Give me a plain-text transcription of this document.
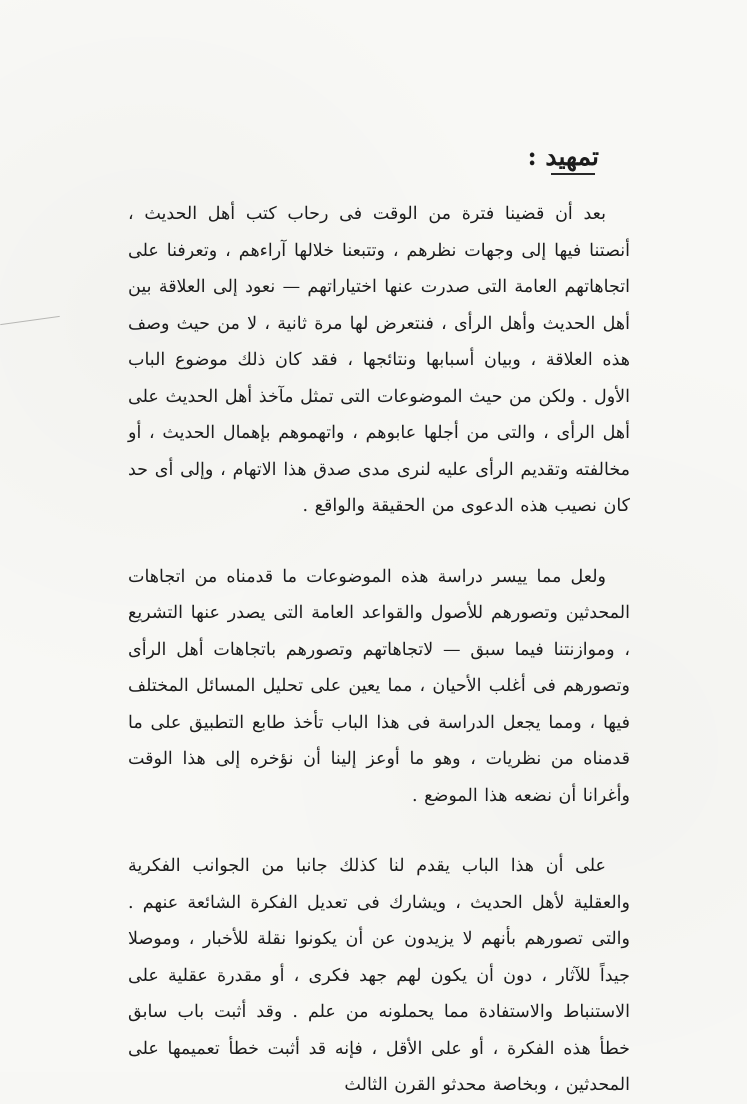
تمهيد :

بعد أن قضينا فترة من الوقت فى رحاب كتب أهل الحديث ، أنصتنا فيها إلى وجهات نظرهم ، وتتبعنا خلالها آراءهم ، وتعرفنا على اتجاهاتهم العامة التى صدرت عنها اختياراتهم — نعود إلى العلاقة بين أهل الحديث وأهل الرأى ، فنتعرض لها مرة ثانية ، لا من حيث وصف هذه العلاقة ، وبيان أسبابها ونتائجها ، فقد كان ذلك موضوع الباب الأول . ولكن من حيث الموضوعات التى تمثل مآخذ أهل الحديث على أهل الرأى ، والتى من أجلها عابوهم ، واتهموهم بإهمال الحديث ، أو مخالفته وتقديم الرأى عليه لنرى مدى صدق هذا الاتهام ، وإلى أى حد كان نصيب هذه الدعوى من الحقيقة والواقع .

ولعل مما ييسر دراسة هذه الموضوعات ما قدمناه من اتجاهات المحدثين وتصورهم للأصول والقواعد العامة التى يصدر عنها التشريع ، وموازنتنا فيما سبق — لاتجاهاتهم وتصورهم باتجاهات أهل الرأى وتصورهم فى أغلب الأحيان ، مما يعين على تحليل المسائل المختلف فيها ، ومما يجعل الدراسة فى هذا الباب تأخذ طابع التطبيق على ما قدمناه من نظريات ، وهو ما أوعز إلينا أن نؤخره إلى هذا الوقت وأغرانا أن نضعه هذا الموضع .

على أن هذا الباب يقدم لنا كذلك جانبا من الجوانب الفكرية والعقلية لأهل الحديث ، ويشارك فى تعديل الفكرة الشائعة عنهم . والتى تصورهم بأنهم لا يزيدون عن أن يكونوا نقلة للأخبار ، وموصلا جيداً للآثار ، دون أن يكون لهم جهد فكرى ، أو مقدرة عقلية على الاستنباط والاستفادة مما يحملونه من علم . وقد أثبت باب سابق خطأ هذه الفكرة ، أو على الأقل ، فإنه قد أثبت خطأ تعميمها على المحدثين ، وبخاصة محدثو القرن الثالث
